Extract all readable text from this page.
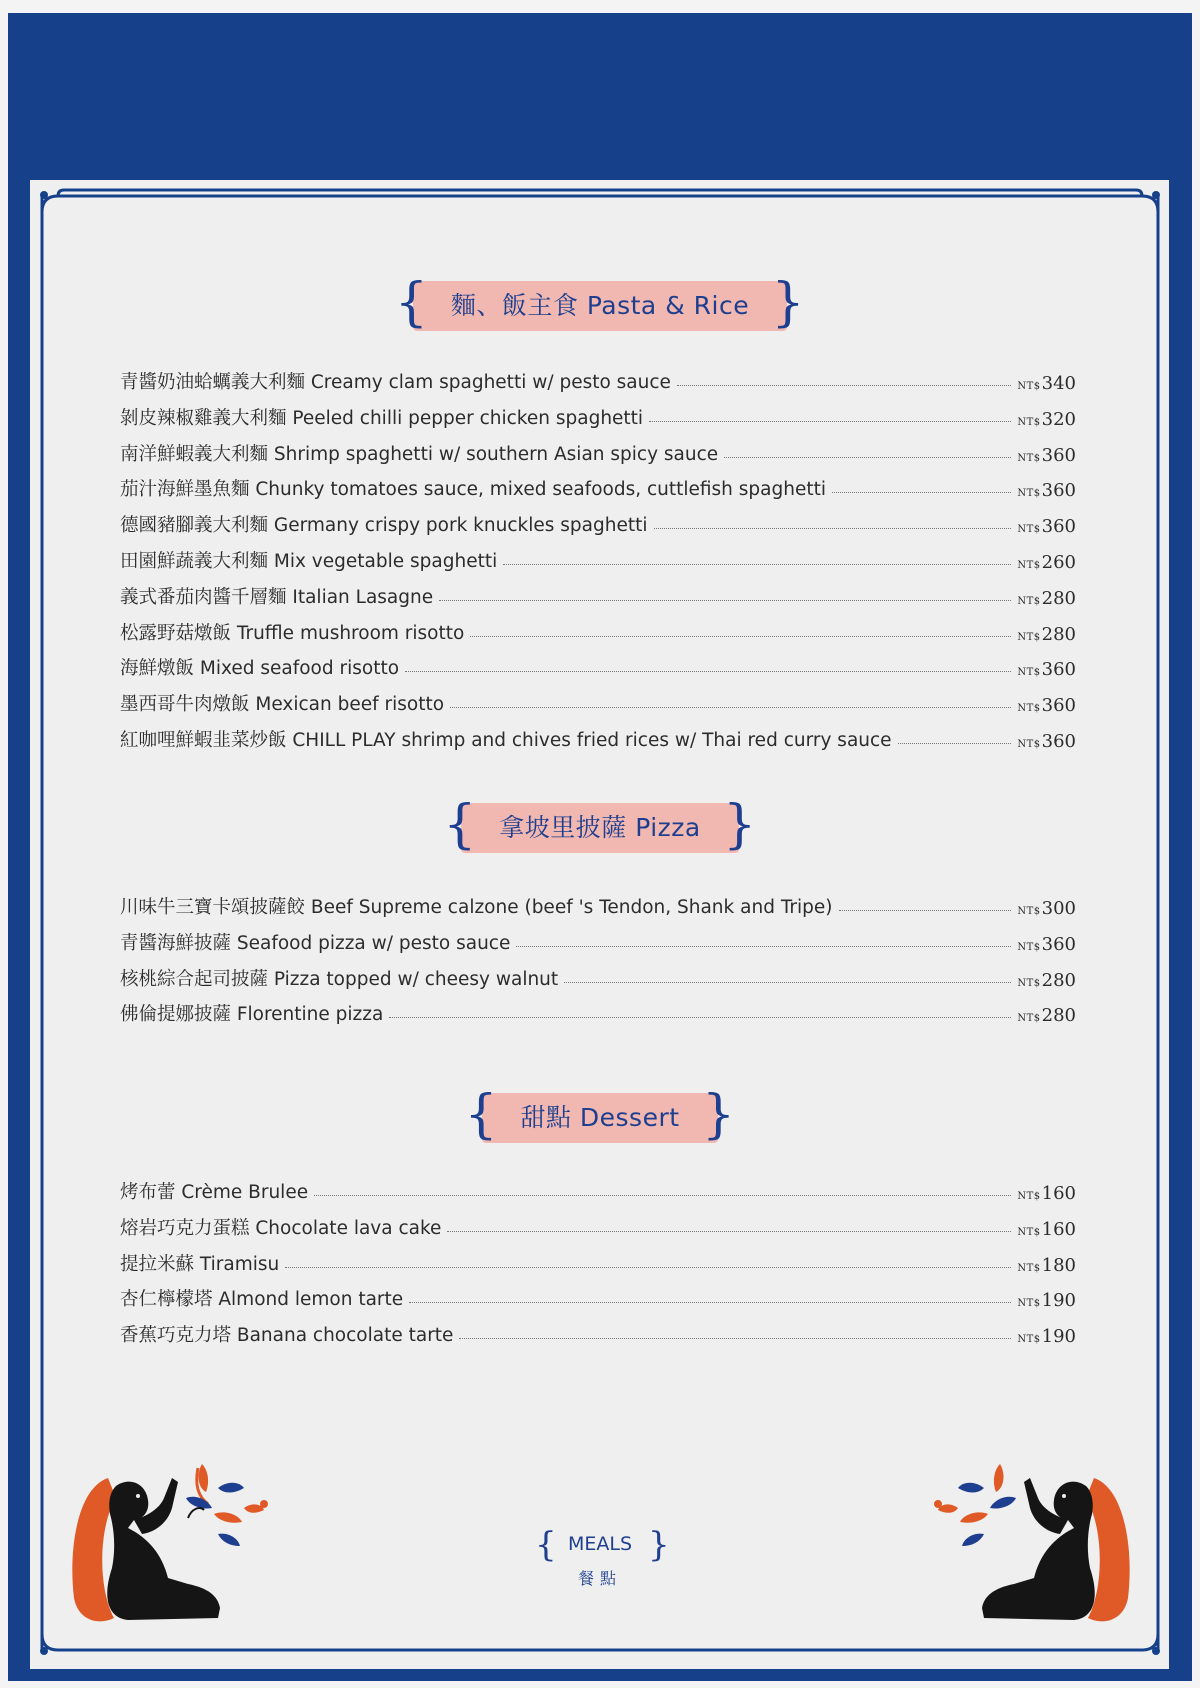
{ 麵、飯主食 Pasta & Rice }
青醬奶油蛤蠣義大利麵 Creamy clam spaghetti w/ pesto sauce	NT$340
剝皮辣椒雞義大利麵 Peeled chilli pepper chicken spaghetti	NT$320
南洋鮮蝦義大利麵 Shrimp spaghetti w/ southern Asian spicy sauce	NT$360
茄汁海鮮墨魚麵 Chunky tomatoes sauce, mixed seafoods, cuttlefish spaghetti	NT$360
德國豬腳義大利麵 Germany crispy pork knuckles spaghetti	NT$360
田園鮮蔬義大利麵 Mix vegetable spaghetti	NT$260
義式番茄肉醬千層麵 Italian Lasagne	NT$280
松露野菇燉飯 Truffle mushroom risotto	NT$280
海鮮燉飯 Mixed seafood risotto	NT$360
墨西哥牛肉燉飯 Mexican beef risotto	NT$360
紅咖哩鮮蝦韭菜炒飯 CHILL PLAY shrimp and chives fried rices w/ Thai red curry sauce	NT$360
{ 拿坡里披薩 Pizza }
川味牛三寶卡頌披薩餃 Beef Supreme calzone (beef 's Tendon, Shank and Tripe)	NT$300
青醬海鮮披薩 Seafood pizza w/ pesto sauce	NT$360
核桃綜合起司披薩 Pizza topped w/ cheesy walnut	NT$280
佛倫提娜披薩 Florentine pizza	NT$280
{ 甜點 Dessert }
烤布蕾 Crème Brulee	NT$160
熔岩巧克力蛋糕 Chocolate lava cake	NT$160
提拉米蘇 Tiramisu	NT$180
杏仁檸檬塔 Almond lemon tarte	NT$190
香蕉巧克力塔 Banana chocolate tarte	NT$190
{	}
MEALS
餐點
